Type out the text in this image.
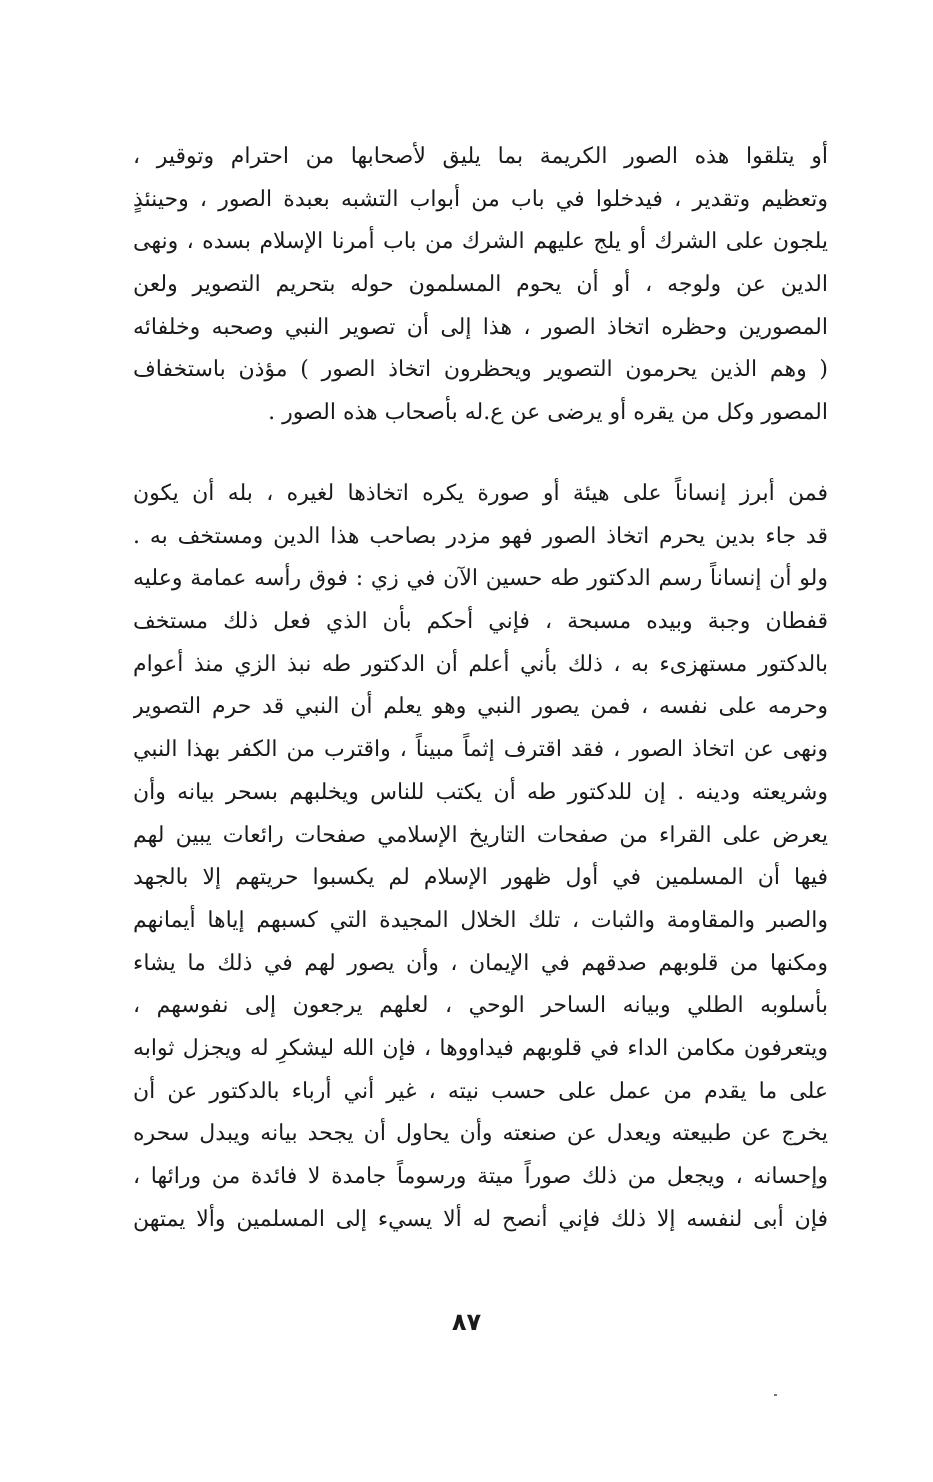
أو يتلقوا هذه الصور الكريمة بما يليق لأصحابها من احترام وتوقير ،
وتعظيم وتقدير ، فيدخلوا في باب من أبواب التشبه بعبدة الصور ، وحينئذٍ
يلجون على الشرك أو يلج عليهم الشرك من باب أمرنا الإسلام بسده ، ونهى
الدين عن ولوجه ، أو أن يحوم المسلمون حوله بتحريم التصوير ولعن
المصورين وحظره اتخاذ الصور ، هذا إلى أن تصوير النبي وصحبه وخلفائه
( وهم الذين يحرمون التصوير ويحظرون اتخاذ الصور ) مؤذن باستخفاف
المصور وكل من يقره أو يرضى عن ع.له بأصحاب هذه الصور .
فمن أبرز إنساناً على هيئة أو صورة يكره اتخاذها لغيره ، بله أن يكون
قد جاء بدين يحرم اتخاذ الصور فهو مزدر بصاحب هذا الدين ومستخف به .
ولو أن إنساناً رسم الدكتور طه حسين الآن في زي : فوق رأسه عمامة وعليه
قفطان وجبة وبيده مسبحة ، فإني أحكم بأن الذي فعل ذلك مستخف
بالدكتور مستهزىء به ، ذلك بأني أعلم أن الدكتور طه نبذ الزي منذ أعوام
وحرمه على نفسه ، فمن يصور النبي وهو يعلم أن النبي قد حرم التصوير
ونهى عن اتخاذ الصور ، فقد اقترف إثماً مبيناً ، واقترب من الكفر بهذا النبي
وشريعته ودينه . إن للدكتور طه أن يكتب للناس ويخلبهم بسحر بيانه وأن
يعرض على القراء من صفحات التاريخ الإسلامي صفحات رائعات يبين لهم
فيها أن المسلمين في أول ظهور الإسلام لم يكسبوا حريتهم إلا بالجهد
والصبر والمقاومة والثبات ، تلك الخلال المجيدة التي كسبهم إياها أيمانهم
ومكنها من قلوبهم صدقهم في الإيمان ، وأن يصور لهم في ذلك ما يشاء
بأسلوبه الطلي وبيانه الساحر الوحي ، لعلهم يرجعون إلى نفوسهم ،
ويتعرفون مكامن الداء في قلوبهم فيداووها ، فإن الله ليشكرِ له ويجزل ثوابه
على ما يقدم من عمل على حسب نيته ، غير أني أرباء بالدكتور عن أن
يخرج عن طبيعته ويعدل عن صنعته وأن يحاول أن يجحد بيانه ويبدل سحره
وإحسانه ، ويجعل من ذلك صوراً ميتة ورسوماً جامدة لا فائدة من ورائها ،
فإن أبى لنفسه إلا ذلك فإني أنصح له ألا يسيء إلى المسلمين وألا يمتهن
٨٧
